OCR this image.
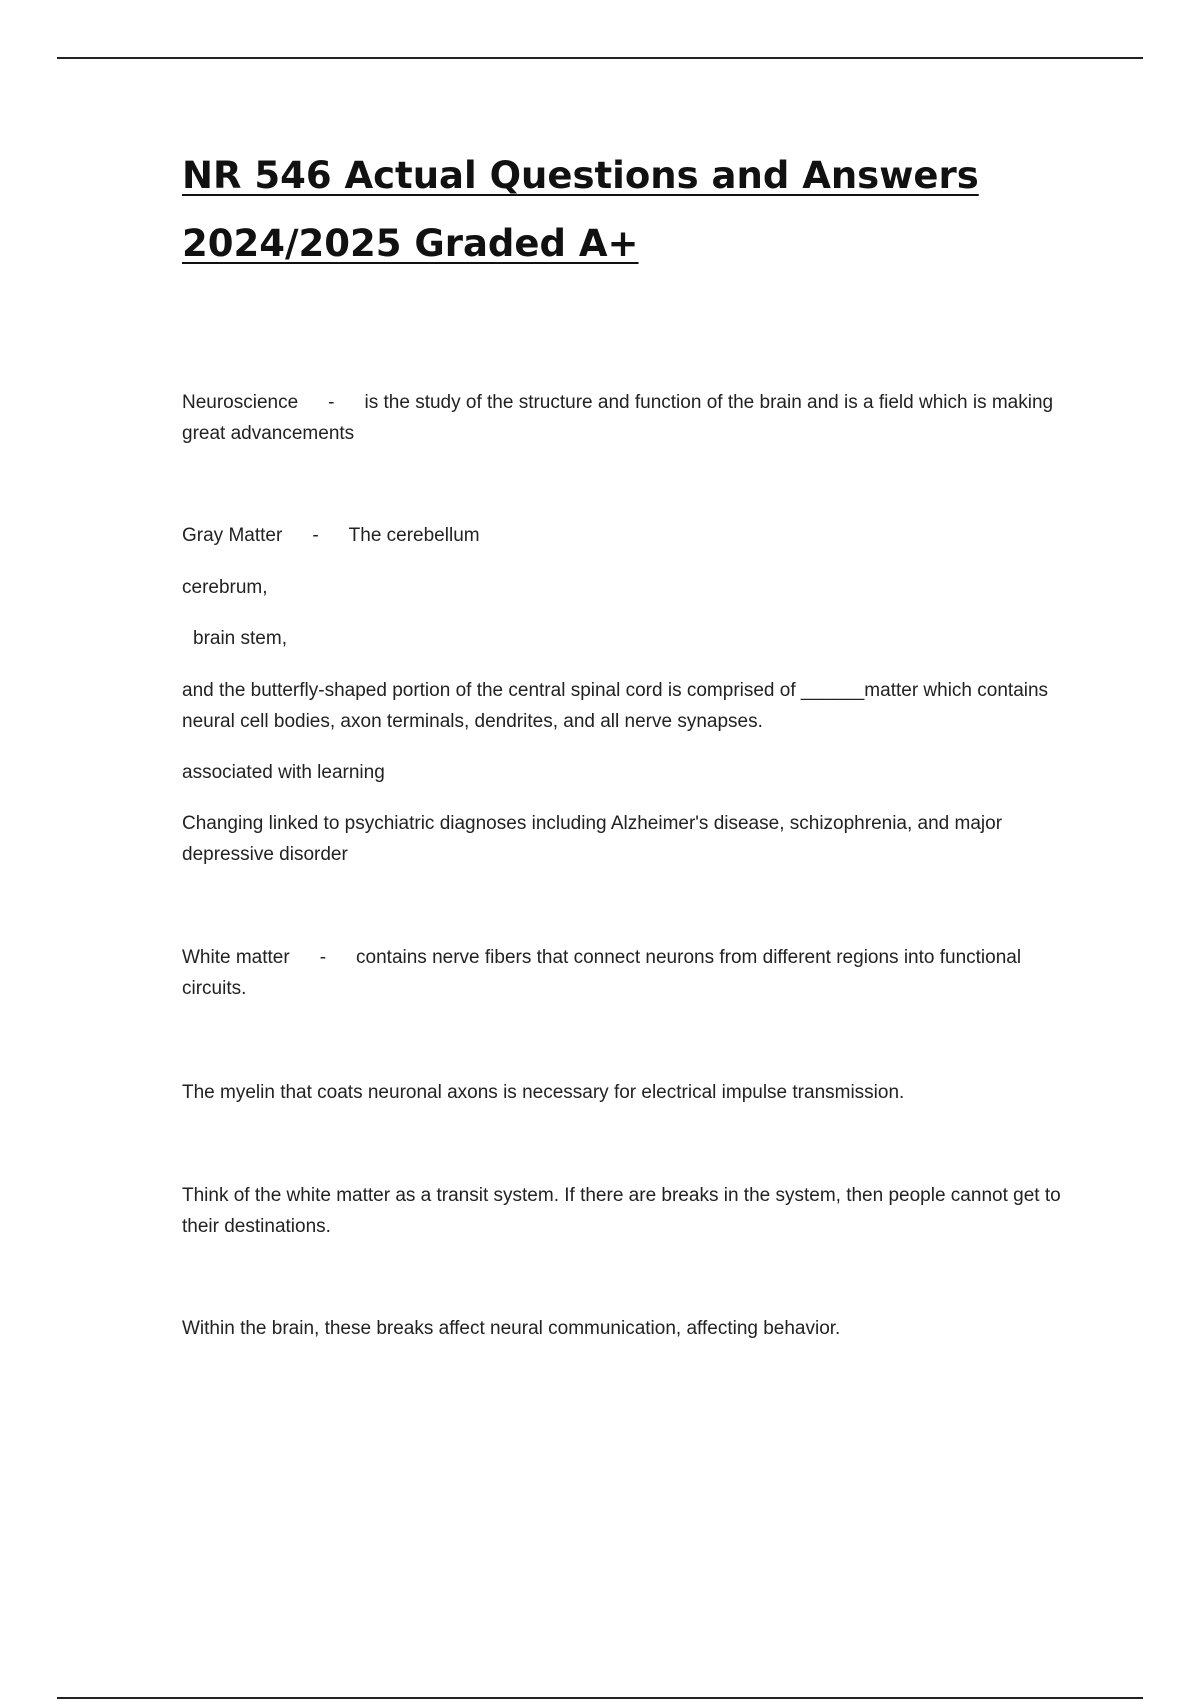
NR 546 Actual Questions and Answers
2024/2025 Graded A+

Neuroscience - is the study of the structure and function of the brain and is a field which is making great advancements

Gray Matter - The cerebellum

cerebrum,

brain stem,

and the butterfly-shaped portion of the central spinal cord is comprised of ______matter which contains neural cell bodies, axon terminals, dendrites, and all nerve synapses.

associated with learning

Changing linked to psychiatric diagnoses including Alzheimer's disease, schizophrenia, and major depressive disorder

White matter - contains nerve fibers that connect neurons from different regions into functional circuits.

The myelin that coats neuronal axons is necessary for electrical impulse transmission.

Think of the white matter as a transit system. If there are breaks in the system, then people cannot get to their destinations.

Within the brain, these breaks affect neural communication, affecting behavior.
